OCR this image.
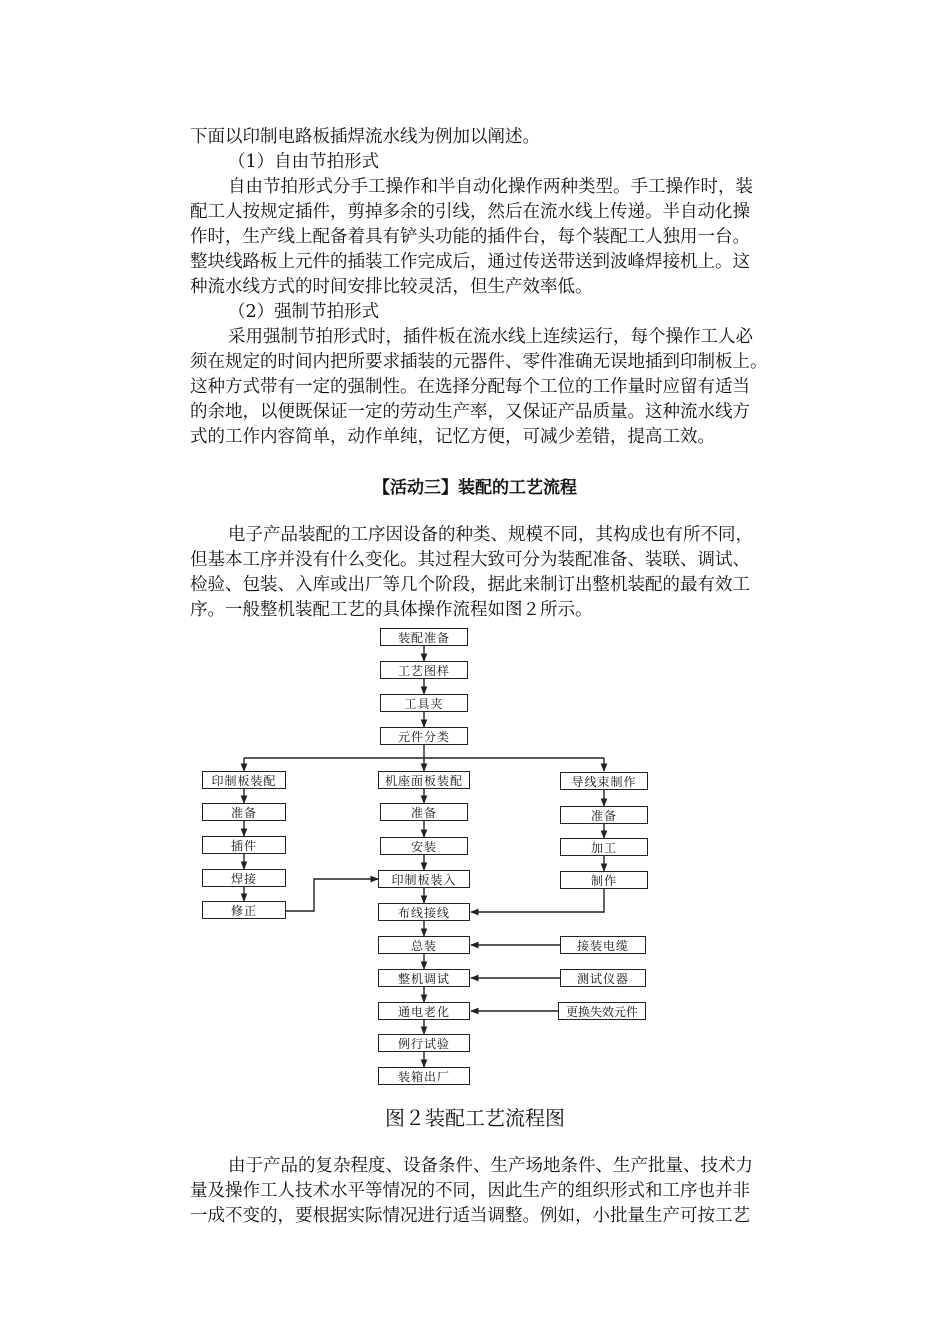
下面以印制电路板插焊流水线为例加以阐述。
（1）自由节拍形式
自由节拍形式分手工操作和半自动化操作两种类型。手工操作时，装
配工人按规定插件，剪掉多余的引线，然后在流水线上传递。半自动化操
作时，生产线上配备着具有铲头功能的插件台，每个装配工人独用一台。
整块线路板上元件的插装工作完成后，通过传送带送到波峰焊接机上。这
种流水线方式的时间安排比较灵活，但生产效率低。
（2）强制节拍形式
采用强制节拍形式时，插件板在流水线上连续运行，每个操作工人必
须在规定的时间内把所要求插装的元器件、零件准确无误地插到印制板上。
这种方式带有一定的强制性。在选择分配每个工位的工作量时应留有适当
的余地，以便既保证一定的劳动生产率，又保证产品质量。这种流水线方
式的工作内容简单，动作单纯，记忆方便，可减少差错，提高工效。
【活动三】装配的工艺流程
电子产品装配的工序因设备的种类、规模不同，其构成也有所不同，
但基本工序并没有什么变化。其过程大致可分为装配准备、装联、调试、
检验、包装、入库或出厂等几个阶段，据此来制订出整机装配的最有效工
序。一般整机装配工艺的具体操作流程如图２所示。
装配准备
工艺图样
工具夹
元件分类
印制板装配
准备
插件
焊接
修正
机座面板装配
准备
安装
印制板装入
布线接线
总装
整机调试
通电老化
例行试验
装箱出厂
导线束制作
准备
加工
制作
接装电缆
测试仪器
更换失效元件
图２装配工艺流程图
由于产品的复杂程度、设备条件、生产场地条件、生产批量、技术力
量及操作工人技术水平等情况的不同，因此生产的组织形式和工序也并非
一成不变的，要根据实际情况进行适当调整。例如，小批量生产可按工艺
